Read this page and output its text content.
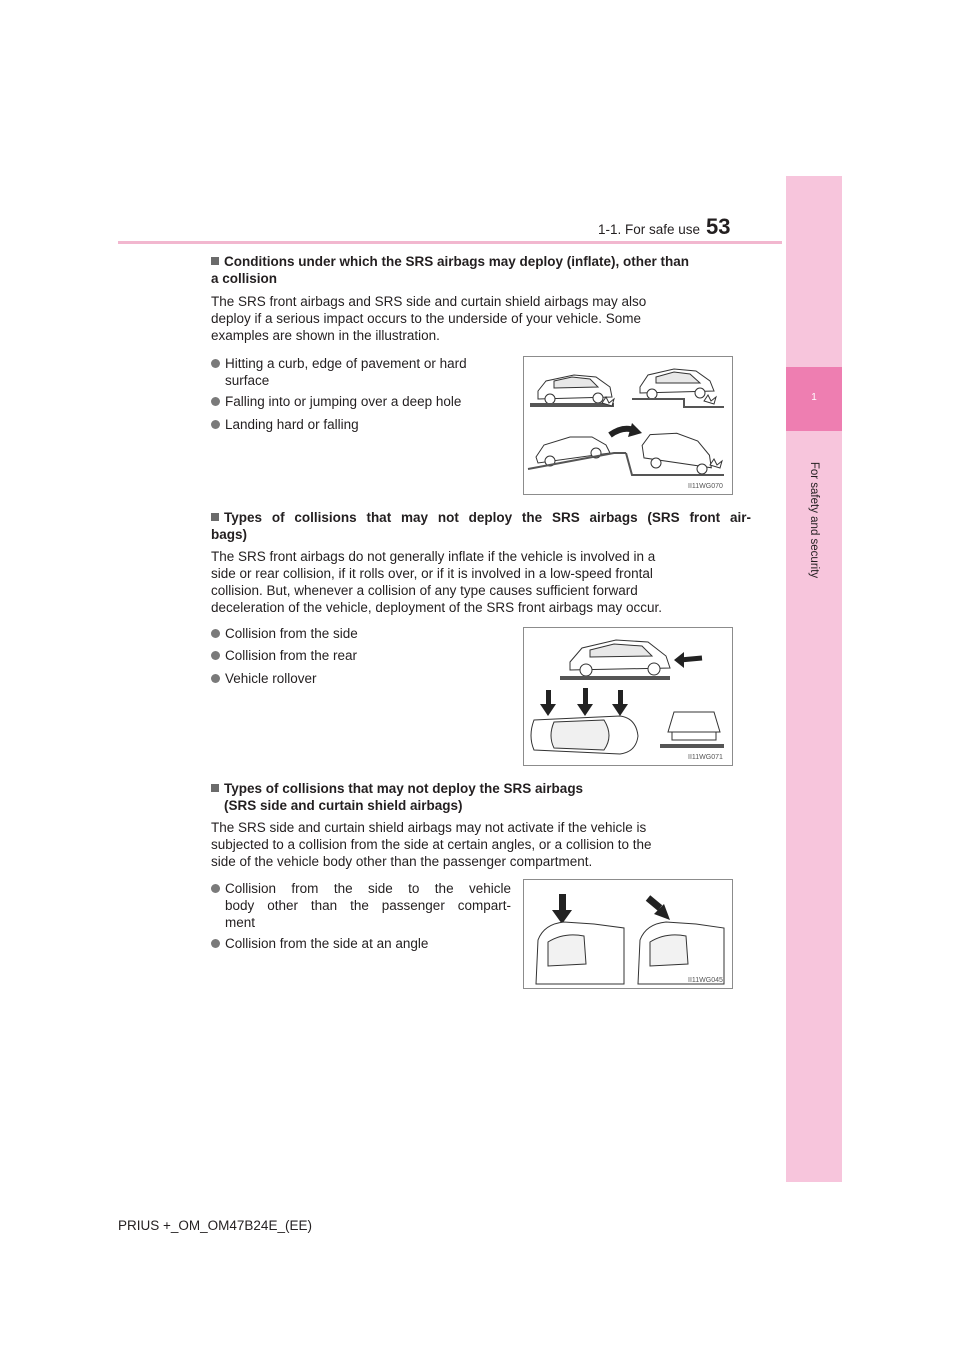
1-1. For safe use 53
1
For safety and security
Conditions under which the SRS airbags may deploy (inflate), other than
a collision
The SRS front airbags and SRS side and curtain shield airbags may also
deploy if a serious impact occurs to the underside of your vehicle. Some
examples are shown in the illustration.
Hitting a curb, edge of pavement or hard
surface
Falling into or jumping over a deep hole
Landing hard or falling
II11WG070
Types of collisions that may not deploy the SRS airbags (SRS front air-
bags)
The SRS front airbags do not generally inflate if the vehicle is involved in a
side or rear collision, if it rolls over, or if it is involved in a low-speed frontal
collision. But, whenever a collision of any type causes sufficient forward
deceleration of the vehicle, deployment of the SRS front airbags may occur.
Collision from the side
Collision from the rear
Vehicle rollover
II11WG071
Types of collisions that may not deploy the SRS airbags
(SRS side and curtain shield airbags)
The SRS side and curtain shield airbags may not activate if the vehicle is
subjected to a collision from the side at certain angles, or a collision to the
side of the vehicle body other than the passenger compartment.
Collision from the side to the vehicle
body other than the passenger compart-
ment
Collision from the side at an angle
II11WG045
PRIUS +_OM_OM47B24E_(EE)
